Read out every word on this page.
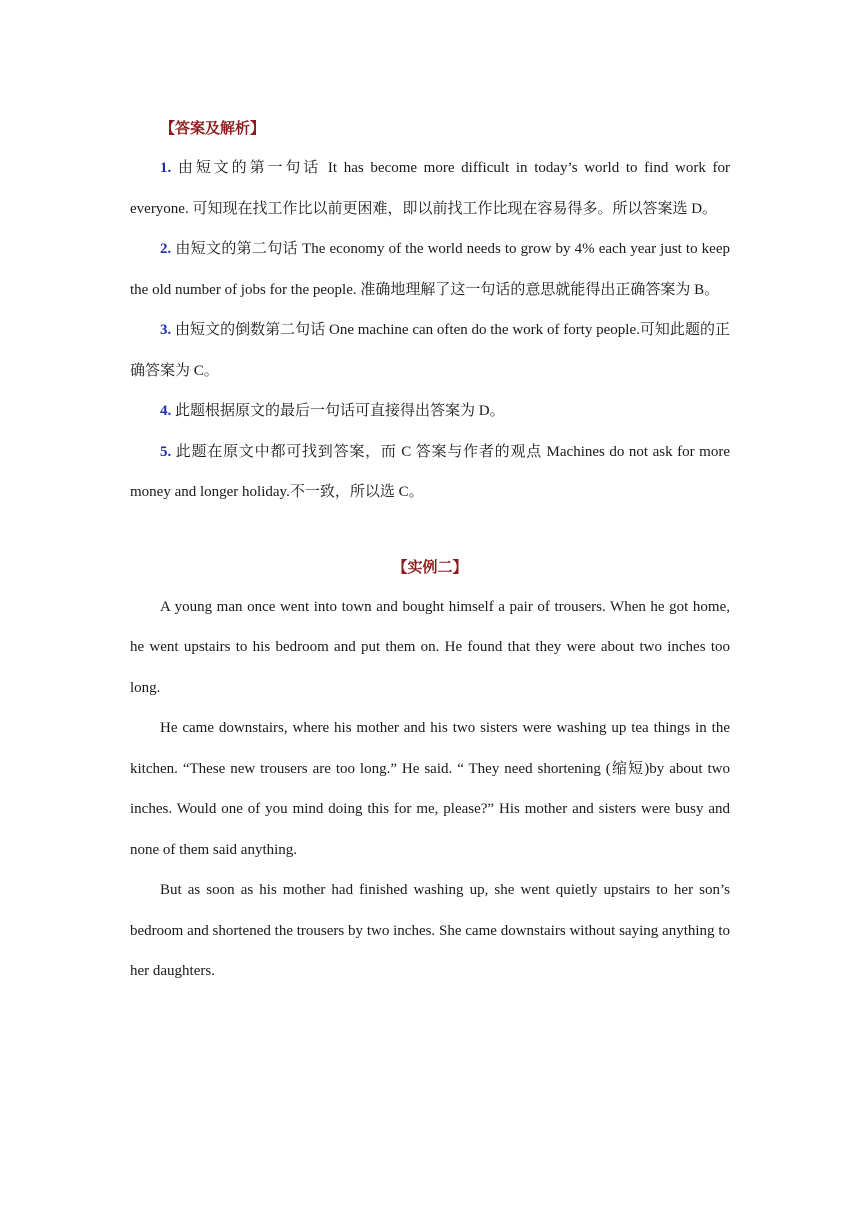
【答案及解析】

1. 由短文的第一句话 It has become more difficult in today’s world to find work for everyone. 可知现在找工作比以前更困难，即以前找工作比现在容易得多。所以答案选 D。

2. 由短文的第二句话 The economy of the world needs to grow by 4% each year just to keep the old number of jobs for the people. 准确地理解了这一句话的意思就能得出正确答案为 B。

3. 由短文的倒数第二句话 One machine can often do the work of forty people.可知此题的正确答案为 C。

4. 此题根据原文的最后一句话可直接得出答案为 D。

5. 此题在原文中都可找到答案，而 C 答案与作者的观点 Machines do not ask for more money and longer holiday.不一致，所以选 C。

【实例二】

A young man once went into town and bought himself a pair of trousers. When he got home, he went upstairs to his bedroom and put them on. He found that they were about two inches too long.

He came downstairs, where his mother and his two sisters were washing up tea things in the kitchen. “These new trousers are too long.” He said. “ They need shortening (缩短)by about two inches. Would one of you mind doing this for me, please?” His mother and sisters were busy and none of them said anything.

But as soon as his mother had finished washing up, she went quietly upstairs to her son’s bedroom and shortened the trousers by two inches. She came downstairs without saying anything to her daughters.
